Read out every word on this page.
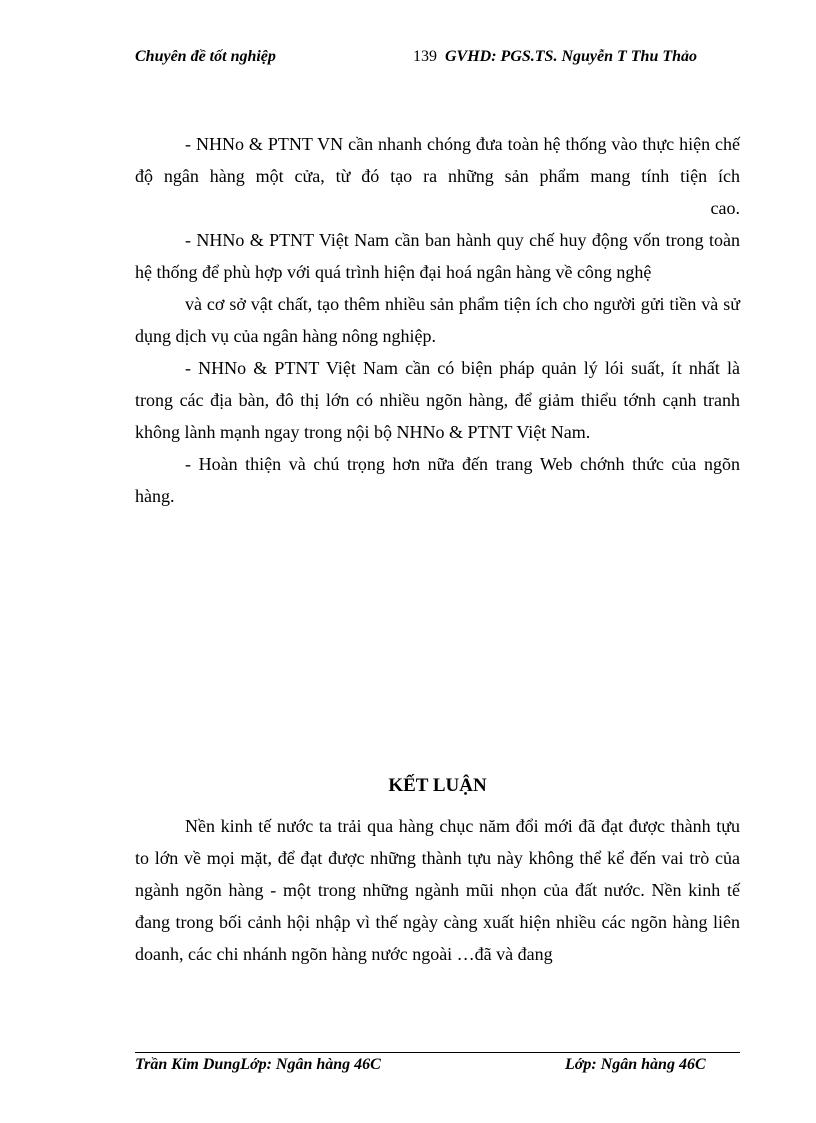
Chuyên đề tốt nghiệp	139 GVHD: PGS.TS. Nguyễn T Thu Thảo

- NHNo & PTNT VN cần nhanh chóng đưa toàn hệ thống vào thực hiện chế độ ngân hàng một cửa, từ đó tạo ra những sản phẩm mang tính tiện ích

cao.

- NHNo & PTNT Việt Nam cần ban hành quy chế huy động vốn trong toàn hệ thống để phù hợp với quá trình hiện đại hoá ngân hàng về công nghệ

và cơ sở vật chất, tạo thêm nhiều sản phẩm tiện ích cho người gửi tiền và sử dụng dịch vụ của ngân hàng nông nghiệp.

- NHNo & PTNT Việt Nam cần có biện pháp quản lý lói suất, ít nhất là trong các địa bàn, đô thị lớn có nhiều ngõn hàng, để giảm thiểu tớnh cạnh tranh không lành mạnh ngay trong nội bộ NHNo & PTNT Việt Nam.

- Hoàn thiện và chú trọng hơn nữa đến trang Web chớnh thức của ngõn hàng.

KẾT LUẬN

Nền kinh tế nước ta trải qua hàng chục năm đổi mới đã đạt được thành tựu to lớn về mọi mặt, để đạt được những thành tựu này không thể kể đến vai trò của ngành ngõn hàng - một trong những ngành mũi nhọn của đất nước. Nền kinh tế đang trong bối cảnh hội nhập vì thế ngày càng xuất hiện nhiều các ngõn hàng liên doanh, các chi nhánh ngõn hàng nước ngoài …đã và đang

Trần Kim DungLớp: Ngân hàng 46C	Lớp: Ngân hàng 46C
